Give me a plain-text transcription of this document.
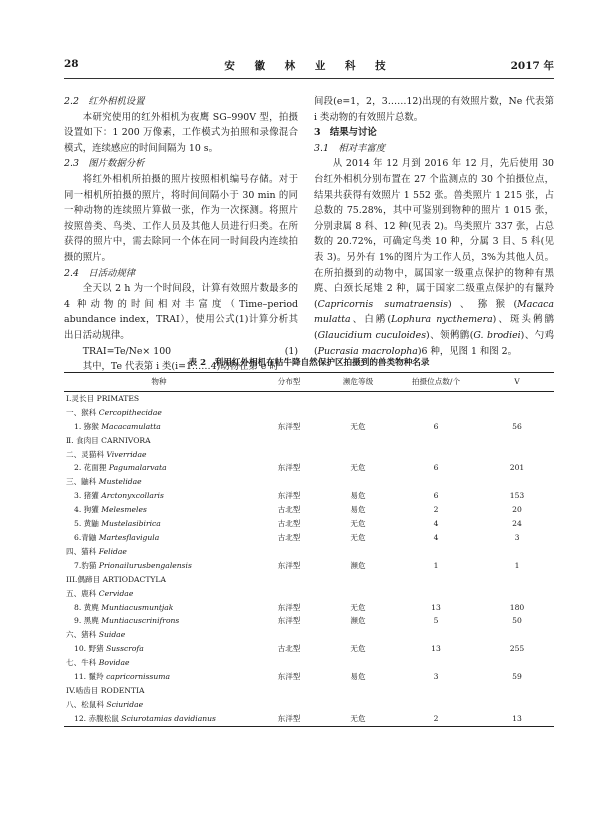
28	安 徽 林 业 科 技	2017 年
2.2　红外相机设置

本研究使用的红外相机为夜鹰 SG–990V 型，拍摄设置如下：1 200 万像素，工作模式为拍照和录像混合模式，连续感应的时间间隔为 10 s。

2.3　图片数据分析

将红外相机所拍摄的照片按照相机编号存储。对于同一相机所拍摄的照片，将时间间隔小于 30 min 的同一种动物的连续照片算做一张，作为一次探测。将照片按照兽类、鸟类、工作人员及其他人员进行归类。在所获得的照片中，需去除同一个体在同一时间段内连续拍摄的照片。

2.4　日活动规律

全天以 2 h 为一个时间段，计算有效照片数最多的 4 种动物的时间相对丰富度（Time–period abundance index，TRAI），使用公式(1)计算分析其出日活动规律。

TRAI=Te/Ne× 100	(1)

其中，Te 代表第 i 类(i=1……4)动物在第 e 时

间段(e=1，2，3……12)出现的有效照片数，Ne 代表第 i 类动物的有效照片总数。

3　结果与讨论
3.1　相对丰富度

从 2014 年 12 月到 2016 年 12 月，先后使用 30 台红外相机分别布置在 27 个监测点的 30 个拍摄位点，结果共获得有效照片 1 552 张。兽类照片 1 215 张，占总数的 75.28%，其中可鉴别到物种的照片 1 015 张，分别隶属 8 科、12 种(见表 2)。鸟类照片 337 张，占总数的 20.72%，可确定鸟类 10 种，分属 3 目、5 科(见表 3)。另外有 1%的图片为工作人员，3%为其他人员。在所拍摄到的动物中，属国家一级重点保护的物种有黑麂、白颈长尾雉 2 种，属于国家二级重点保护的有鬣羚(Capricornis sumatraensis)、猕猴(Macaca mulatta、白鹇(Lophura nycthemera)、斑头鸺鹠(Glaucidium cuculoides)、领鸺鹠(G. brodiei)、勺鸡(Pucrasia macrolopha)6 种，见图 1 和图 2。

表 2　利用红外相机在牯牛降自然保护区拍摄到的兽类物种名录
物种	分布型	濒危等级	拍摄位点数/个	V
I.灵长目 PRIMATES				
一、猴科 Cercopithecidae				
1. 猕猴 Macacamulatta	东洋型	无危	6	56
Ⅱ. 食肉目 CARNIVORA				
二、灵猫科 Viverridae				
2. 花面狸 Pagumalarvata	东洋型	无危	6	201
三、鼬科 Mustelidae				
3. 猪獾 Arctonyxcollaris	东洋型	易危	6	153
4. 狗獾 Melesmeles	古北型	易危	2	20
5. 黄鼬 Mustelasibirica	古北型	无危	4	24
6.青鼬 Martesflavigula	古北型	无危	4	3
四、猫科 Felidae				
7.豹猫 Prionailurusbengalensis	东洋型	濒危	1	1
III.偶蹄目 ARTIODACTYLA				
五、鹿科 Cervidae				
8. 黄麂 Muntiacusmuntjak	东洋型	无危	13	180
9. 黑麂 Muntiacuscrinifrons	东洋型	濒危	5	50
六、猪科 Suidae				
10. 野猪 Susscrofa	古北型	无危	13	255
七、牛科 Bovidae				
11. 鬣羚 capricornissuma	东洋型	易危	3	59
IV.啮齿目 RODENTIA				
八、松鼠科 Sciuridae				
12. 赤腹松鼠 Sciurotamias davidianus	东洋型	无危	2	13
